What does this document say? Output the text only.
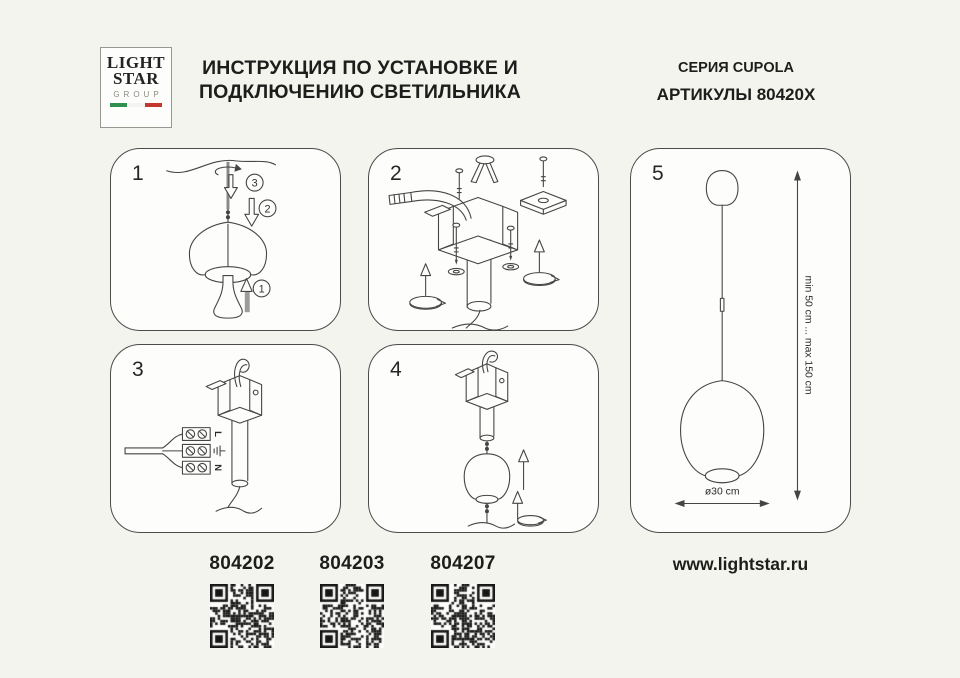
LIGHT
STAR
GROUP
ИНСТРУКЦИЯ ПО УСТАНОВКЕ И
ПОДКЛЮЧЕНИЮ СВЕТИЛЬНИКА
СЕРИЯ CUPOLA
АРТИКУЛЫ 80420X
1	3
2
1
2
3
L
N
4
5
min 50 cm ... max 150 cm
ø30 cm
804202	804203	804207	www.lightstar.ru
